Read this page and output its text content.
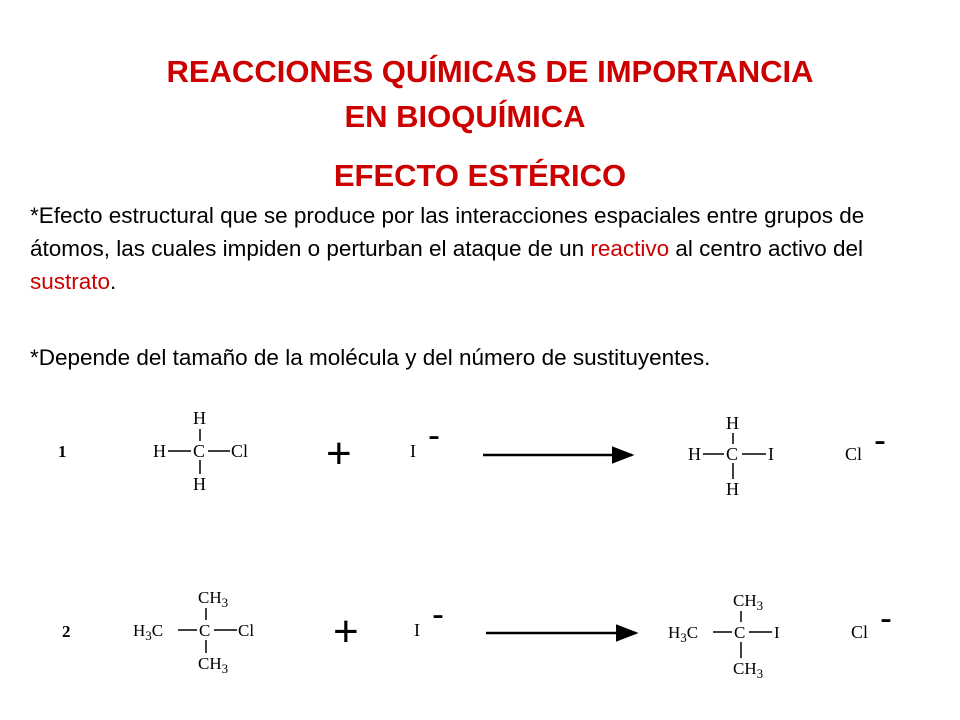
REACCIONES QUÍMICAS DE IMPORTANCIA
EN BIOQUÍMICA
EFECTO ESTÉRICO

*Efecto estructural que se produce por las interacciones espaciales entre grupos de átomos, las cuales impiden o perturban el ataque de un reactivo al centro activo del sustrato.

*Depende del tamaño de la molécula y del número de sustituyentes.

1
H
H C Cl
H
+	I -	H
H C I
H
Cl -
2
$CH_3$
$H_3C$ C Cl
$CH_3$
+	I -	$CH_3$
$H_3C$ C I
$CH_3$
Cl -
